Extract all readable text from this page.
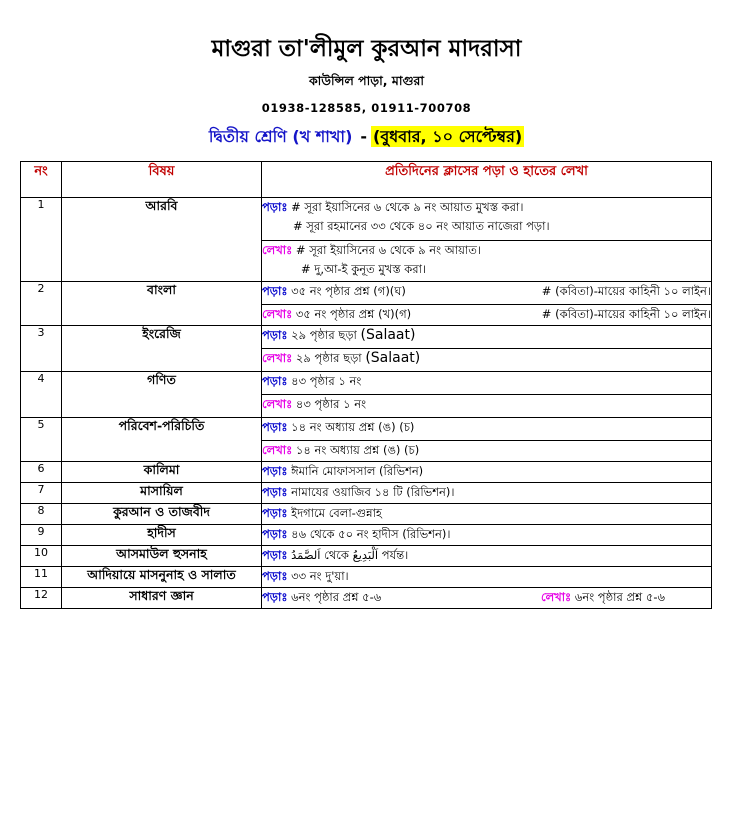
মাগুরা তা'লীমুল কুরআন মাদরাসা
কাউন্সিল পাড়া, মাগুরা
01938-128585, 01911-700708
দ্বিতীয় শ্রেণি (খ শাখা) - (বুধবার, ১০ সেপ্টেম্বর)
নং	বিষয়	প্রতিদিনের ক্লাসের পড়া ও হাতের লেখা
1	আরবি	পড়াঃ # সূরা ইয়াসিনের ৬ থেকে ৯ নং আয়াত মুখস্ত করা।
# সূরা রহমানের ৩৩ থেকে ৪০ নং আয়াত নাজেরা পড়া।

		লেখাঃ # সূরা ইয়াসিনের ৬ থেকে ৯ নং আয়াত।
# দু,আ-ই কুনূত মুখস্ত করা।

2	বাংলা	পড়াঃ ৩৫ নং পৃষ্ঠার প্রশ্ন (গ)(ঘ) # (কবিতা)-মায়ের কাহিনী ১০ লাইন।

		লেখাঃ ৩৫ নং পৃষ্ঠার প্রশ্ন (খ)(গ) # (কবিতা)-মায়ের কাহিনী ১০ লাইন।

3	ইংরেজি	পড়াঃ ২৯ পৃষ্ঠার ছড়া (Salaat)
		লেখাঃ ২৯ পৃষ্ঠার ছড়া (Salaat)
4	গণিত	পড়াঃ ৪৩ পৃষ্ঠার ১ নং
		লেখাঃ ৪৩ পৃষ্ঠার ১ নং
5	পরিবেশ-পরিচিতি	পড়াঃ ১৪ নং অধ্যায় প্রশ্ন (ঙ) (চ)
		লেখাঃ ১৪ নং অধ্যায় প্রশ্ন (ঙ) (চ)
6	কালিমা	পড়াঃ ঈমানি মোফাসসাল (রিভিশন)
7	মাসায়িল	পড়াঃ নামাযের ওয়াজিব ১৪ টি (রিভিশন)।
8	কুরআন ও তাজবীদ	পড়াঃ ইদগামে বেলা-গুন্নাহ
9	হাদীস	পড়াঃ ৪৬ থেকে ৫০ নং হাদীস (রিভিশন)।
10	আসমাউল হুসনাহ	পড়াঃ اَلصَّمَدُ থেকে اَلْبَدِيعُ পর্যন্ত।
11	আদিয়ায়ে মাসনুনাহ ও সালাত	পড়াঃ ৩৩ নং দু'য়া।
12	সাধারণ জ্ঞান	পড়াঃ ৬নং পৃষ্ঠার প্রশ্ন ৫-৬ লেখাঃ ৬নং পৃষ্ঠার প্রশ্ন ৫-৬
